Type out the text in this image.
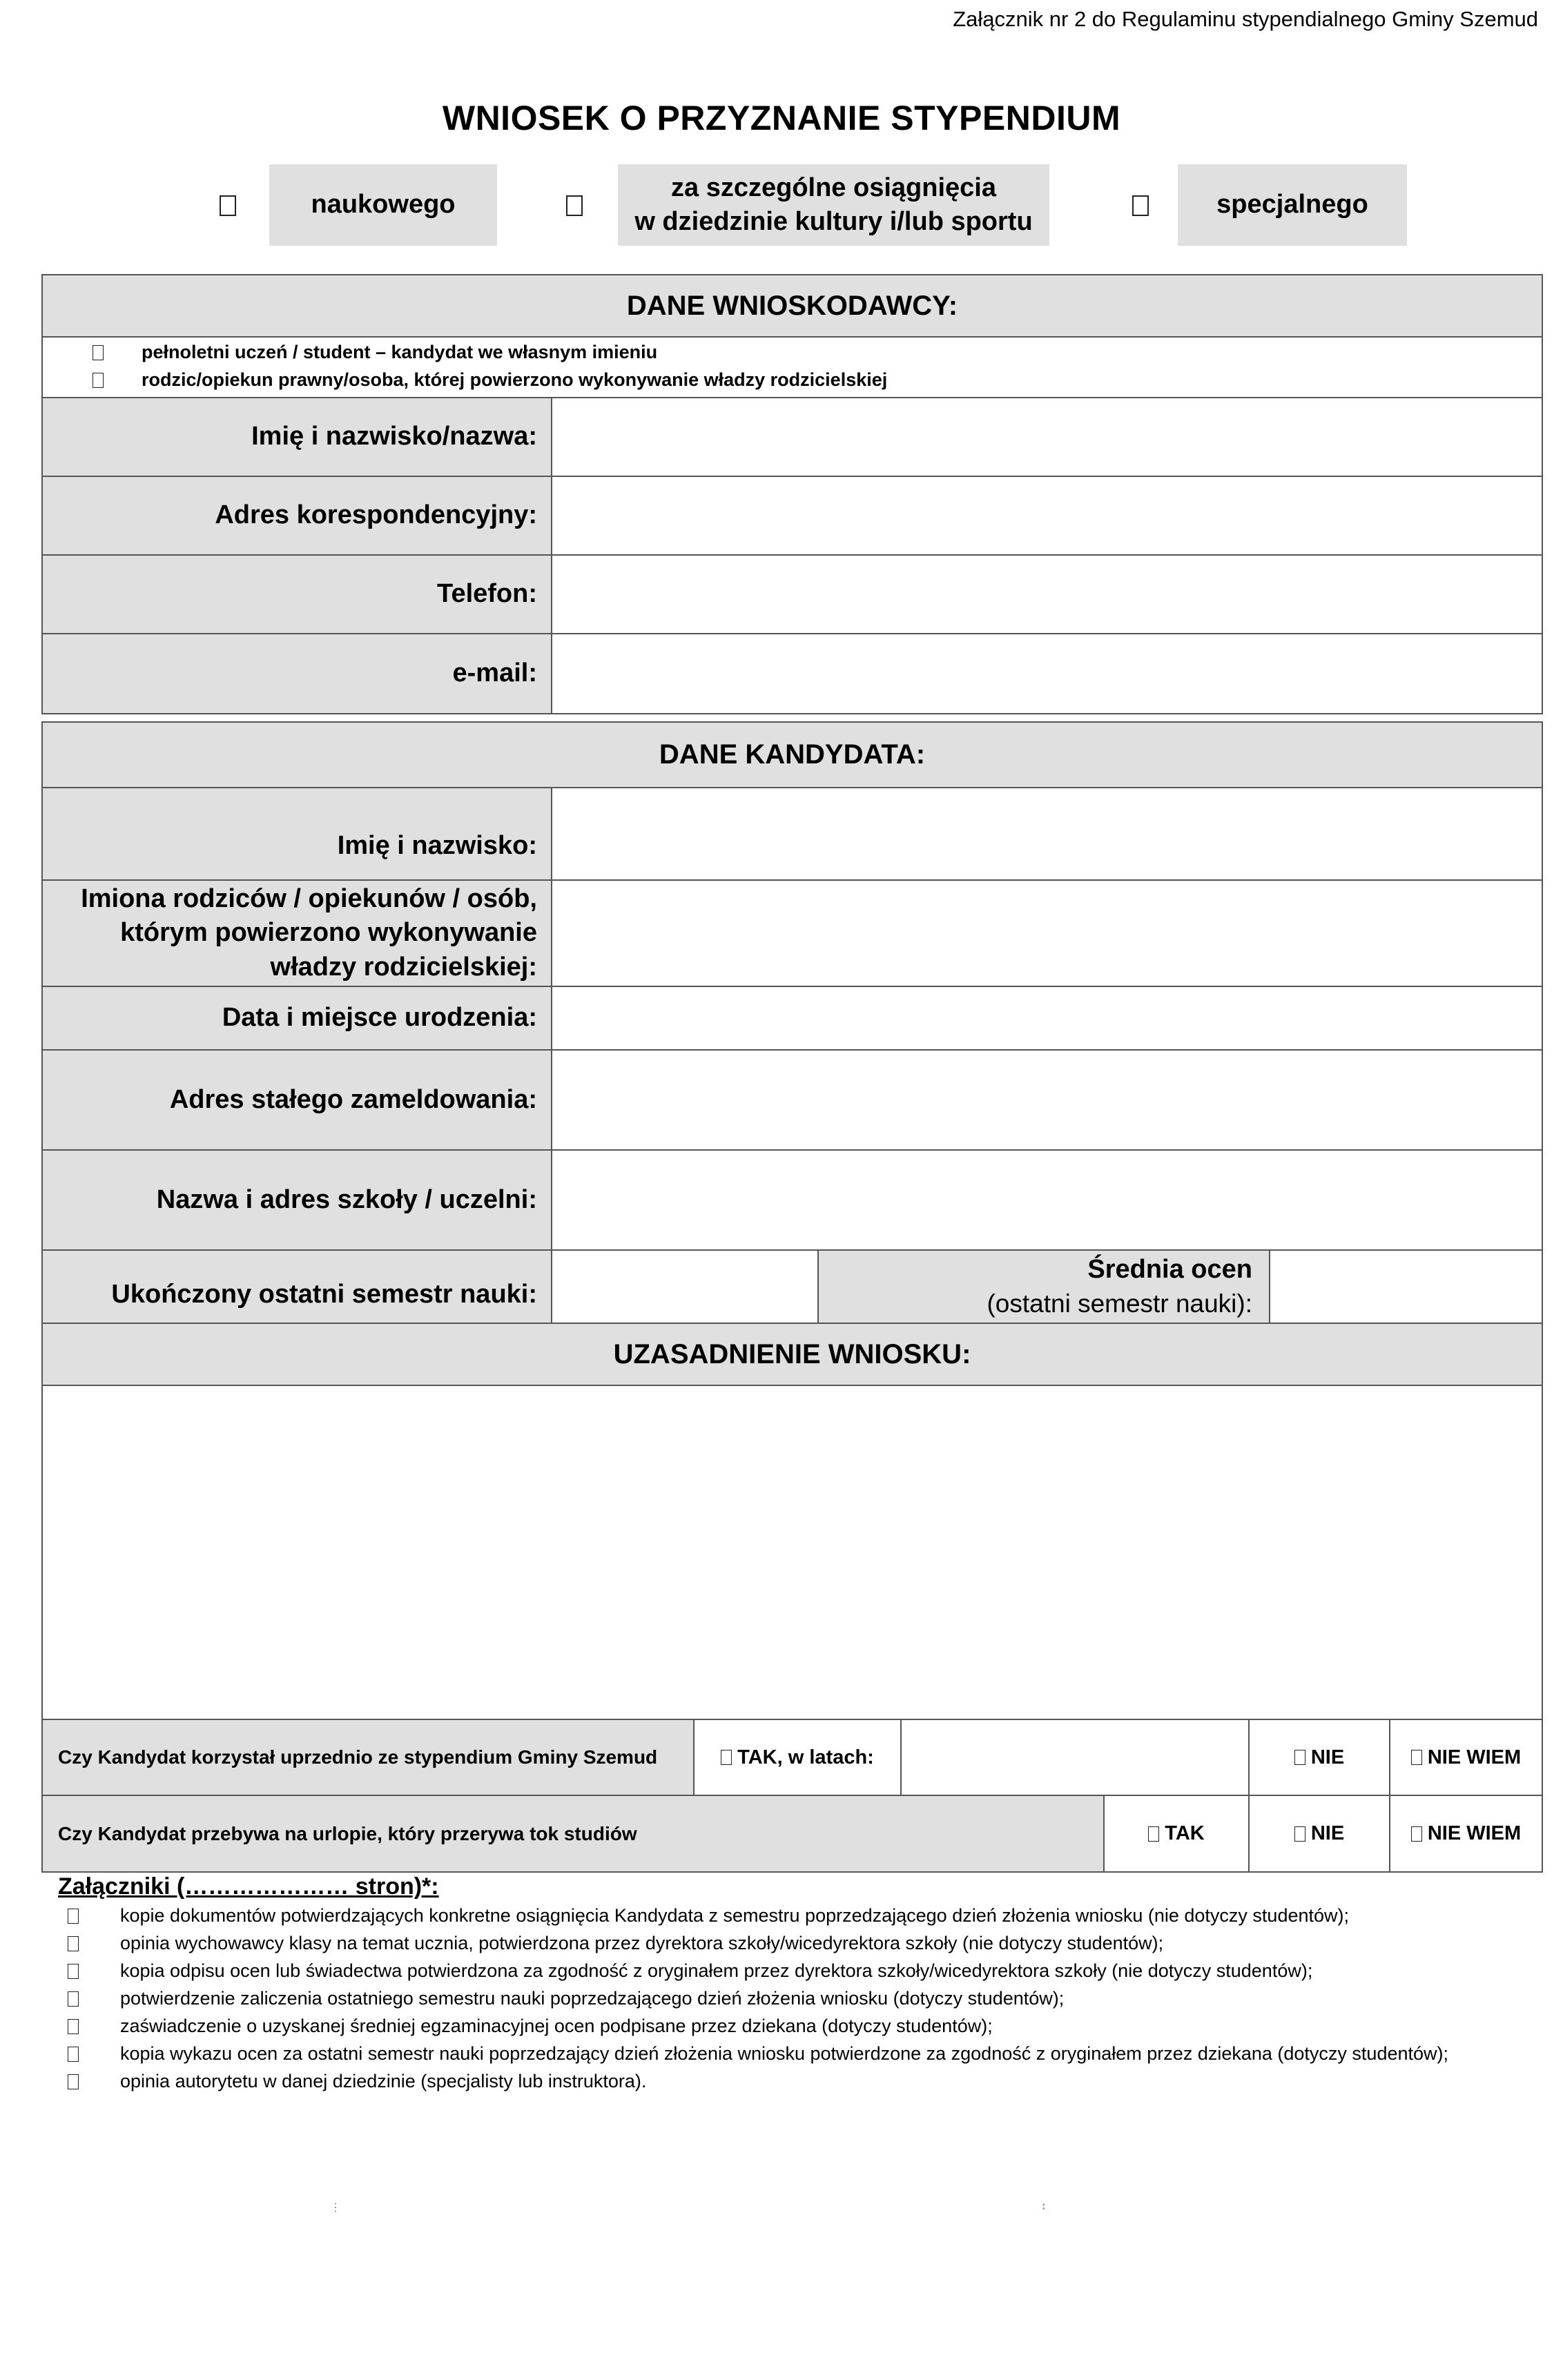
Załącznik nr 2 do Regulaminu stypendialnego Gminy Szemud
WNIOSEK O PRZYZNANIE STYPENDIUM
naukowego
za szczególne osiągnięcia
w dziedzinie kultury i/lub sportu
specjalnego
DANE WNIOSKODAWCY:
pełnoletni uczeń / student – kandydat we własnym imieniu
rodzic/opiekun prawny/osoba, której powierzono wykonywanie władzy rodzicielskiej
Imię i nazwisko/nazwa:
Adres korespondencyjny:
Telefon:
e-mail:
DANE KANDYDATA:
Imię i nazwisko:
Imiona rodziców / opiekunów / osób,
którym powierzono wykonywanie
władzy rodzicielskiej:
Data i miejsce urodzenia:
Adres stałego zameldowania:
Nazwa i adres szkoły / uczelni:
Ukończony ostatni semestr nauki:
Średnia ocen
(ostatni semestr nauki):
UZASADNIENIE WNIOSKU:
Czy Kandydat korzystał uprzednio ze stypendium Gminy Szemud	TAK, w latach:	NIE	NIE WIEM
Czy Kandydat przebywa na urlopie, który przerywa tok studiów	TAK	NIE	NIE WIEM
Załączniki (………………… stron)*:
kopie dokumentów potwierdzających konkretne osiągnięcia Kandydata z semestru poprzedzającego dzień złożenia wniosku (nie dotyczy studentów);
opinia wychowawcy klasy na temat ucznia, potwierdzona przez dyrektora szkoły/wicedyrektora szkoły (nie dotyczy studentów);
kopia odpisu ocen lub świadectwa potwierdzona za zgodność z oryginałem przez dyrektora szkoły/wicedyrektora szkoły (nie dotyczy studentów);
potwierdzenie zaliczenia ostatniego semestru nauki poprzedzającego dzień złożenia wniosku (dotyczy studentów);
zaświadczenie o uzyskanej średniej egzaminacyjnej ocen podpisane przez dziekana (dotyczy studentów);
kopia wykazu ocen za ostatni semestr nauki poprzedzający dzień złożenia wniosku potwierdzone za zgodność z oryginałem przez dziekana (dotyczy studentów);
opinia autorytetu w danej dziedzinie (specjalisty lub instruktora).
⋮	↕
